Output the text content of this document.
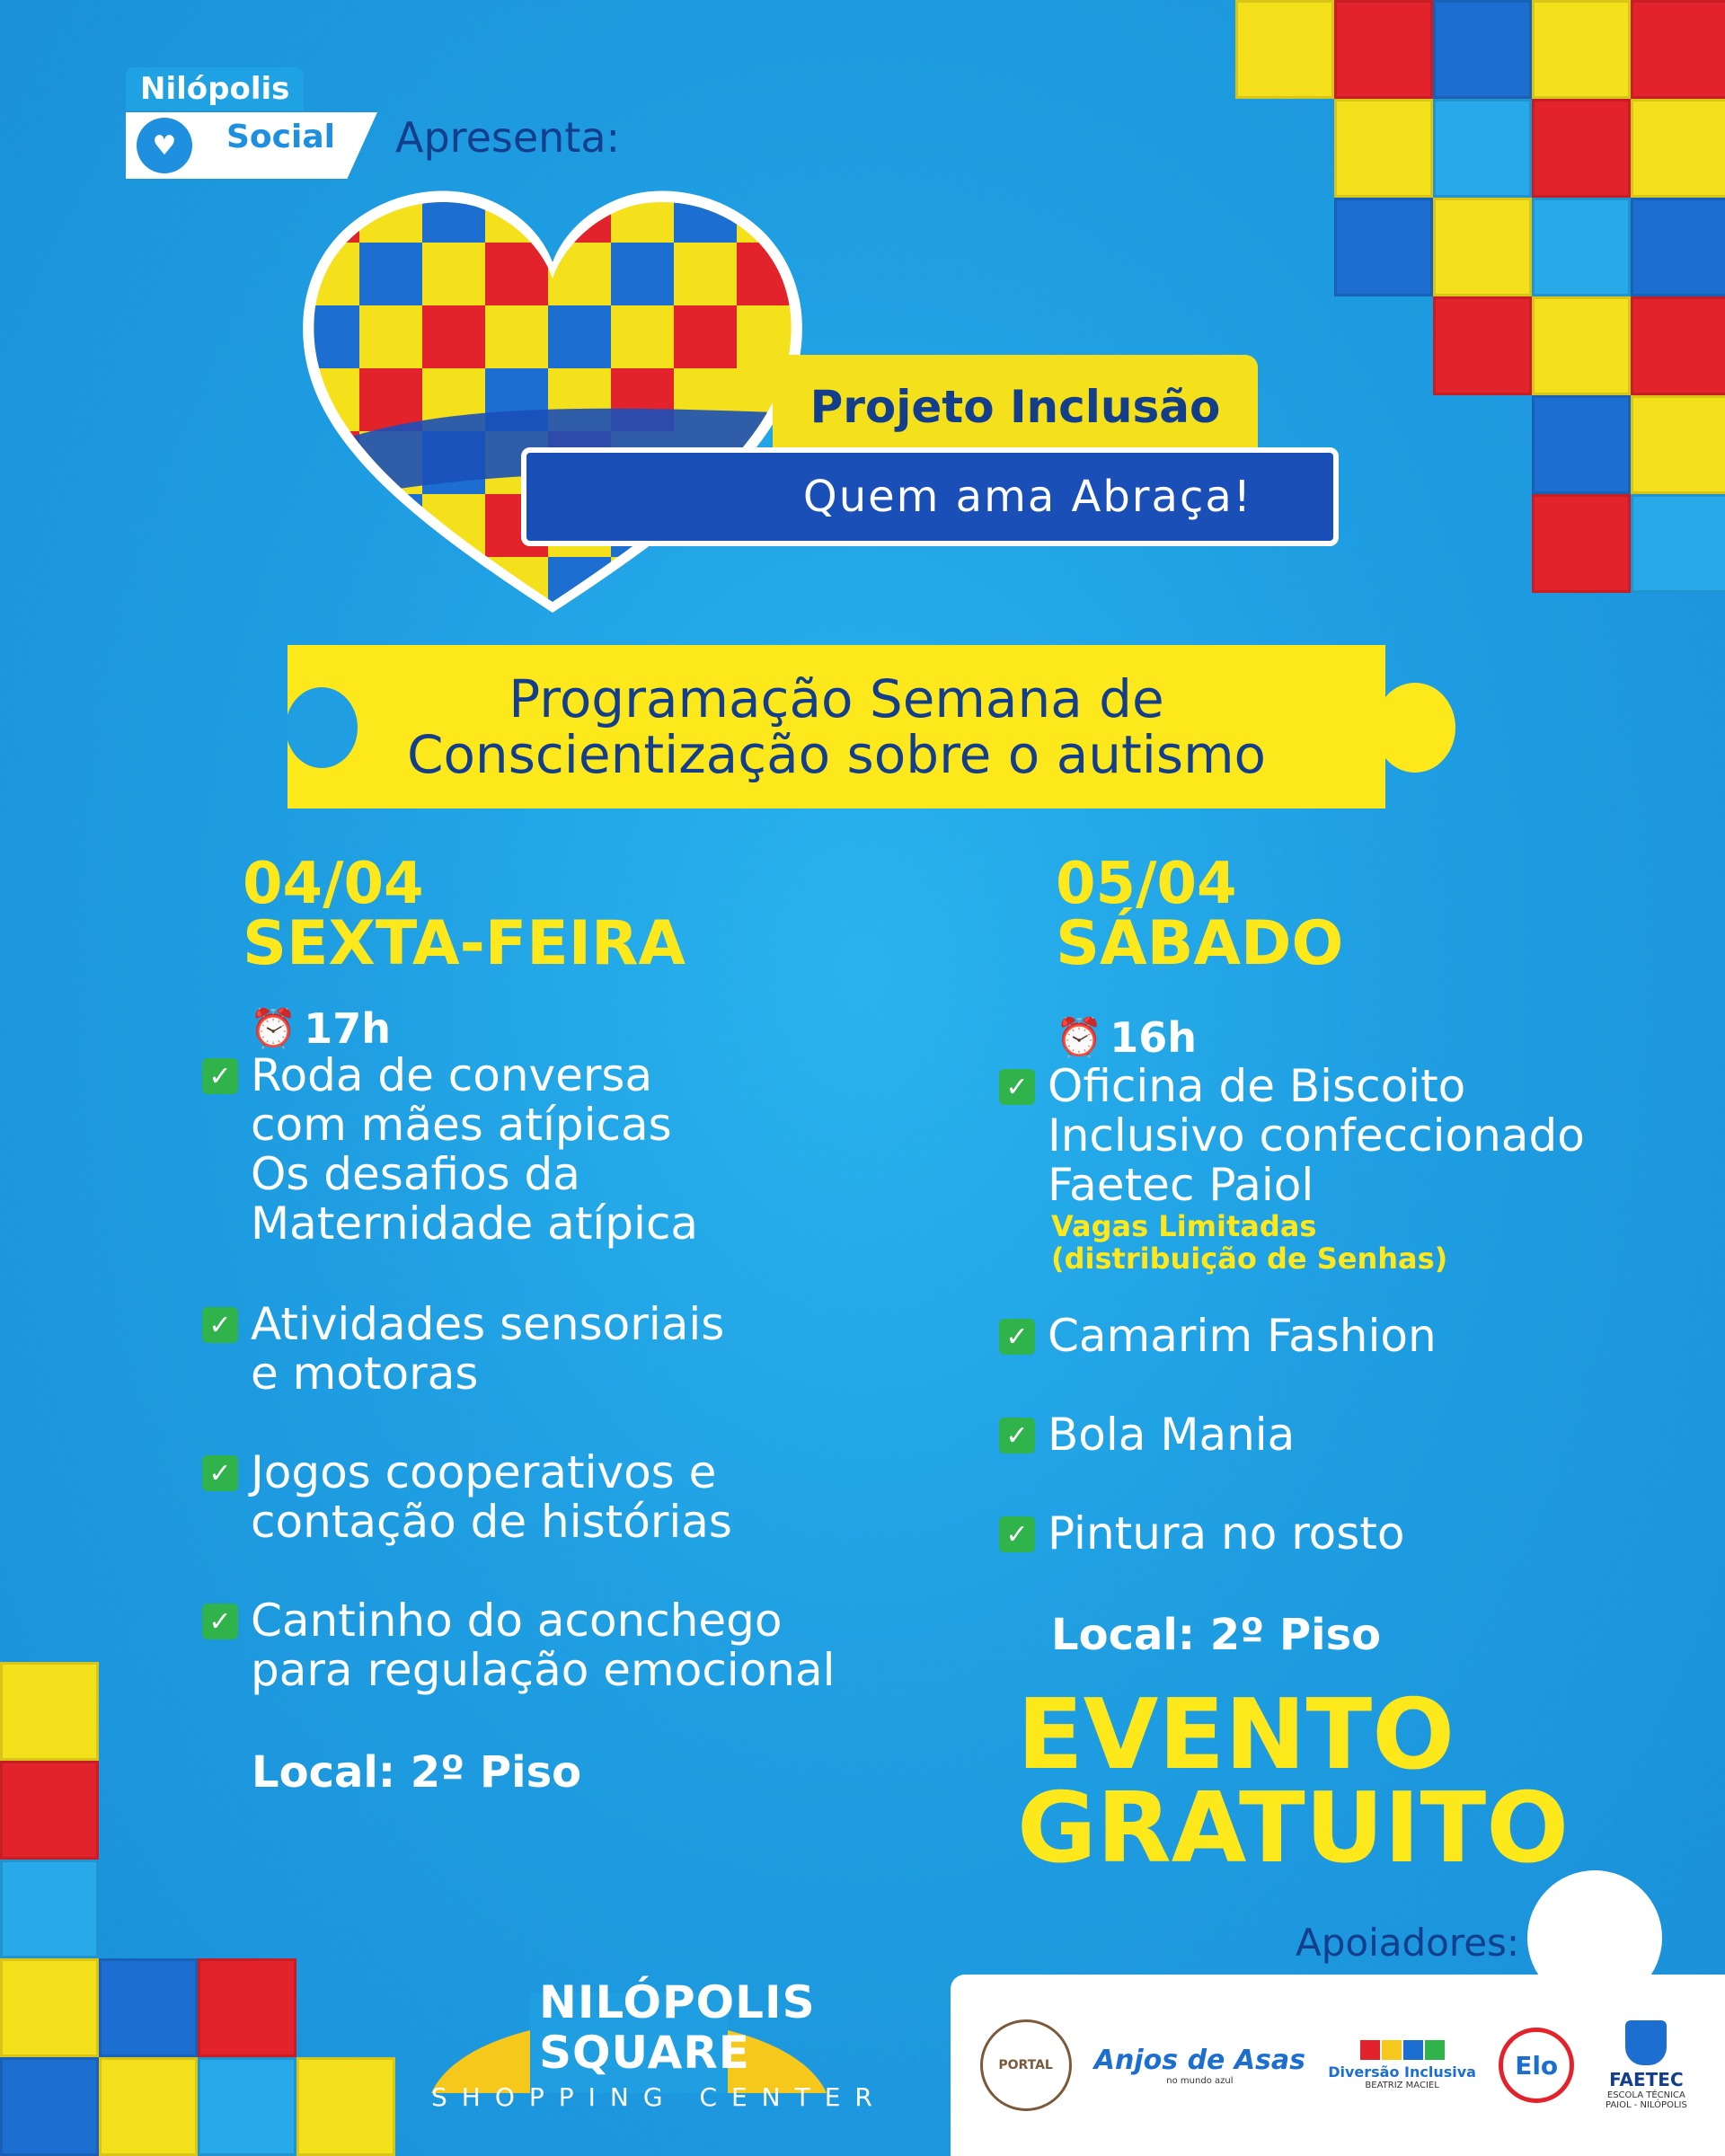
Nilópolis
♥	Social Apresenta:
Projeto Inclusão
Quem ama Abraça!
Programação Semana de
Conscientização sobre o autismo
04/04
SEXTA-FEIRA
⏰ 17h
✓ Roda de conversa
com mães atípicas
Os desafios da
Maternidade atípica
✓ Atividades sensoriais
e motoras
✓ Jogos cooperativos e
contação de histórias
✓ Cantinho do aconchego
para regulação emocional
Local: 2º Piso
05/04
SÁBADO
⏰ 16h
✓ Oficina de Biscoito
Inclusivo confeccionado
Faetec Paiol
Vagas Limitadas
(distribuição de Senhas)
✓ Camarim Fashion
✓ Bola Mania
✓ Pintura no rosto
Local: 2º Piso
EVENTO
GRATUITO
NILÓPOLIS
SQUARE
SHOPPING CENTER
Apoiadores:
PORTAL Anjos de Asas
no mundo azul
Diversão Inclusiva
BEATRIZ MACIEL
Elo	FAETEC
ESCOLA TÉCNICA PAIOL - NILÓPOLIS
